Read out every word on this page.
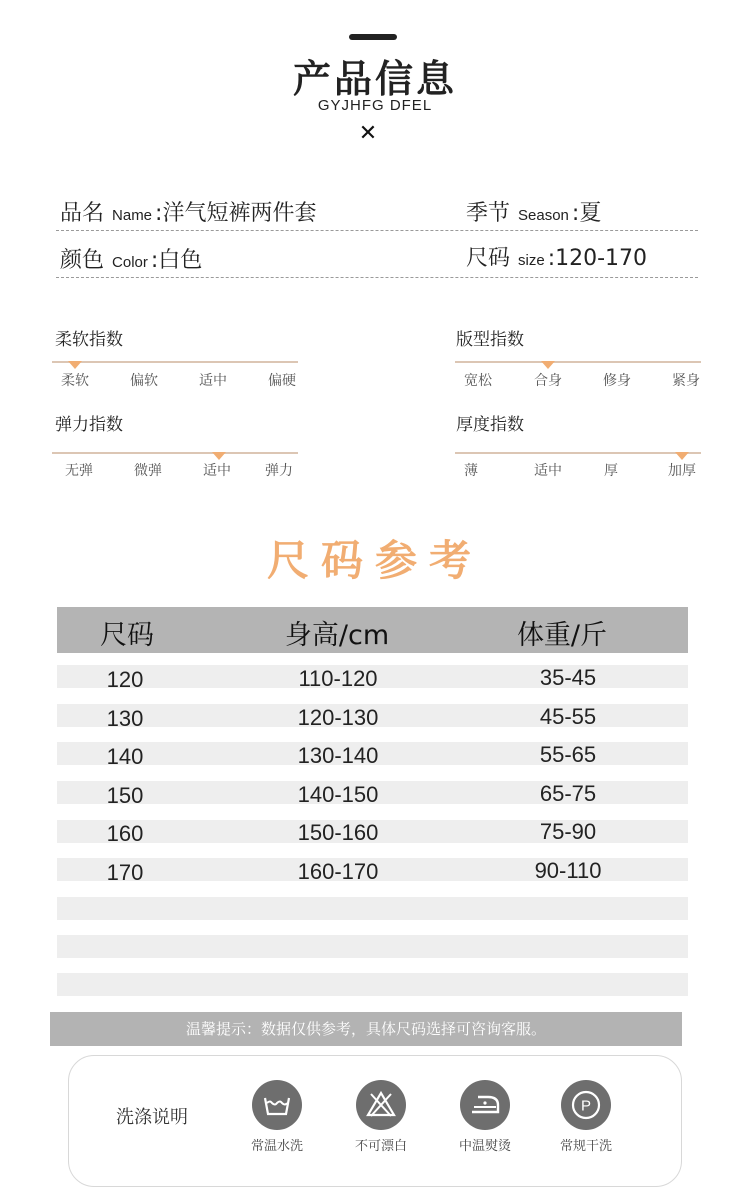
产品信息
GYJHFG DFEL
✕
品名 Name :洋气短裤两件套	季节 Season :夏
颜色 Color :白色	尺码 size :120-170
柔软指数
柔软	偏软	适中	偏硬
版型指数
宽松	合身	修身	紧身
弹力指数
无弹	微弹	适中	弹力
厚度指数
薄	适中	厚	加厚
尺码参考
尺码	身高/cm	体重/斤
120	110-120	35-45
130	120-130	45-55
140	130-140	55-65
150	140-150	65-75
160	150-160	75-90
170	160-170	90-110
温馨提示：数据仅供参考，具体尺码选择可咨询客服。
洗涤说明
常温水洗	不可漂白	中温熨烫
P
常规干洗
